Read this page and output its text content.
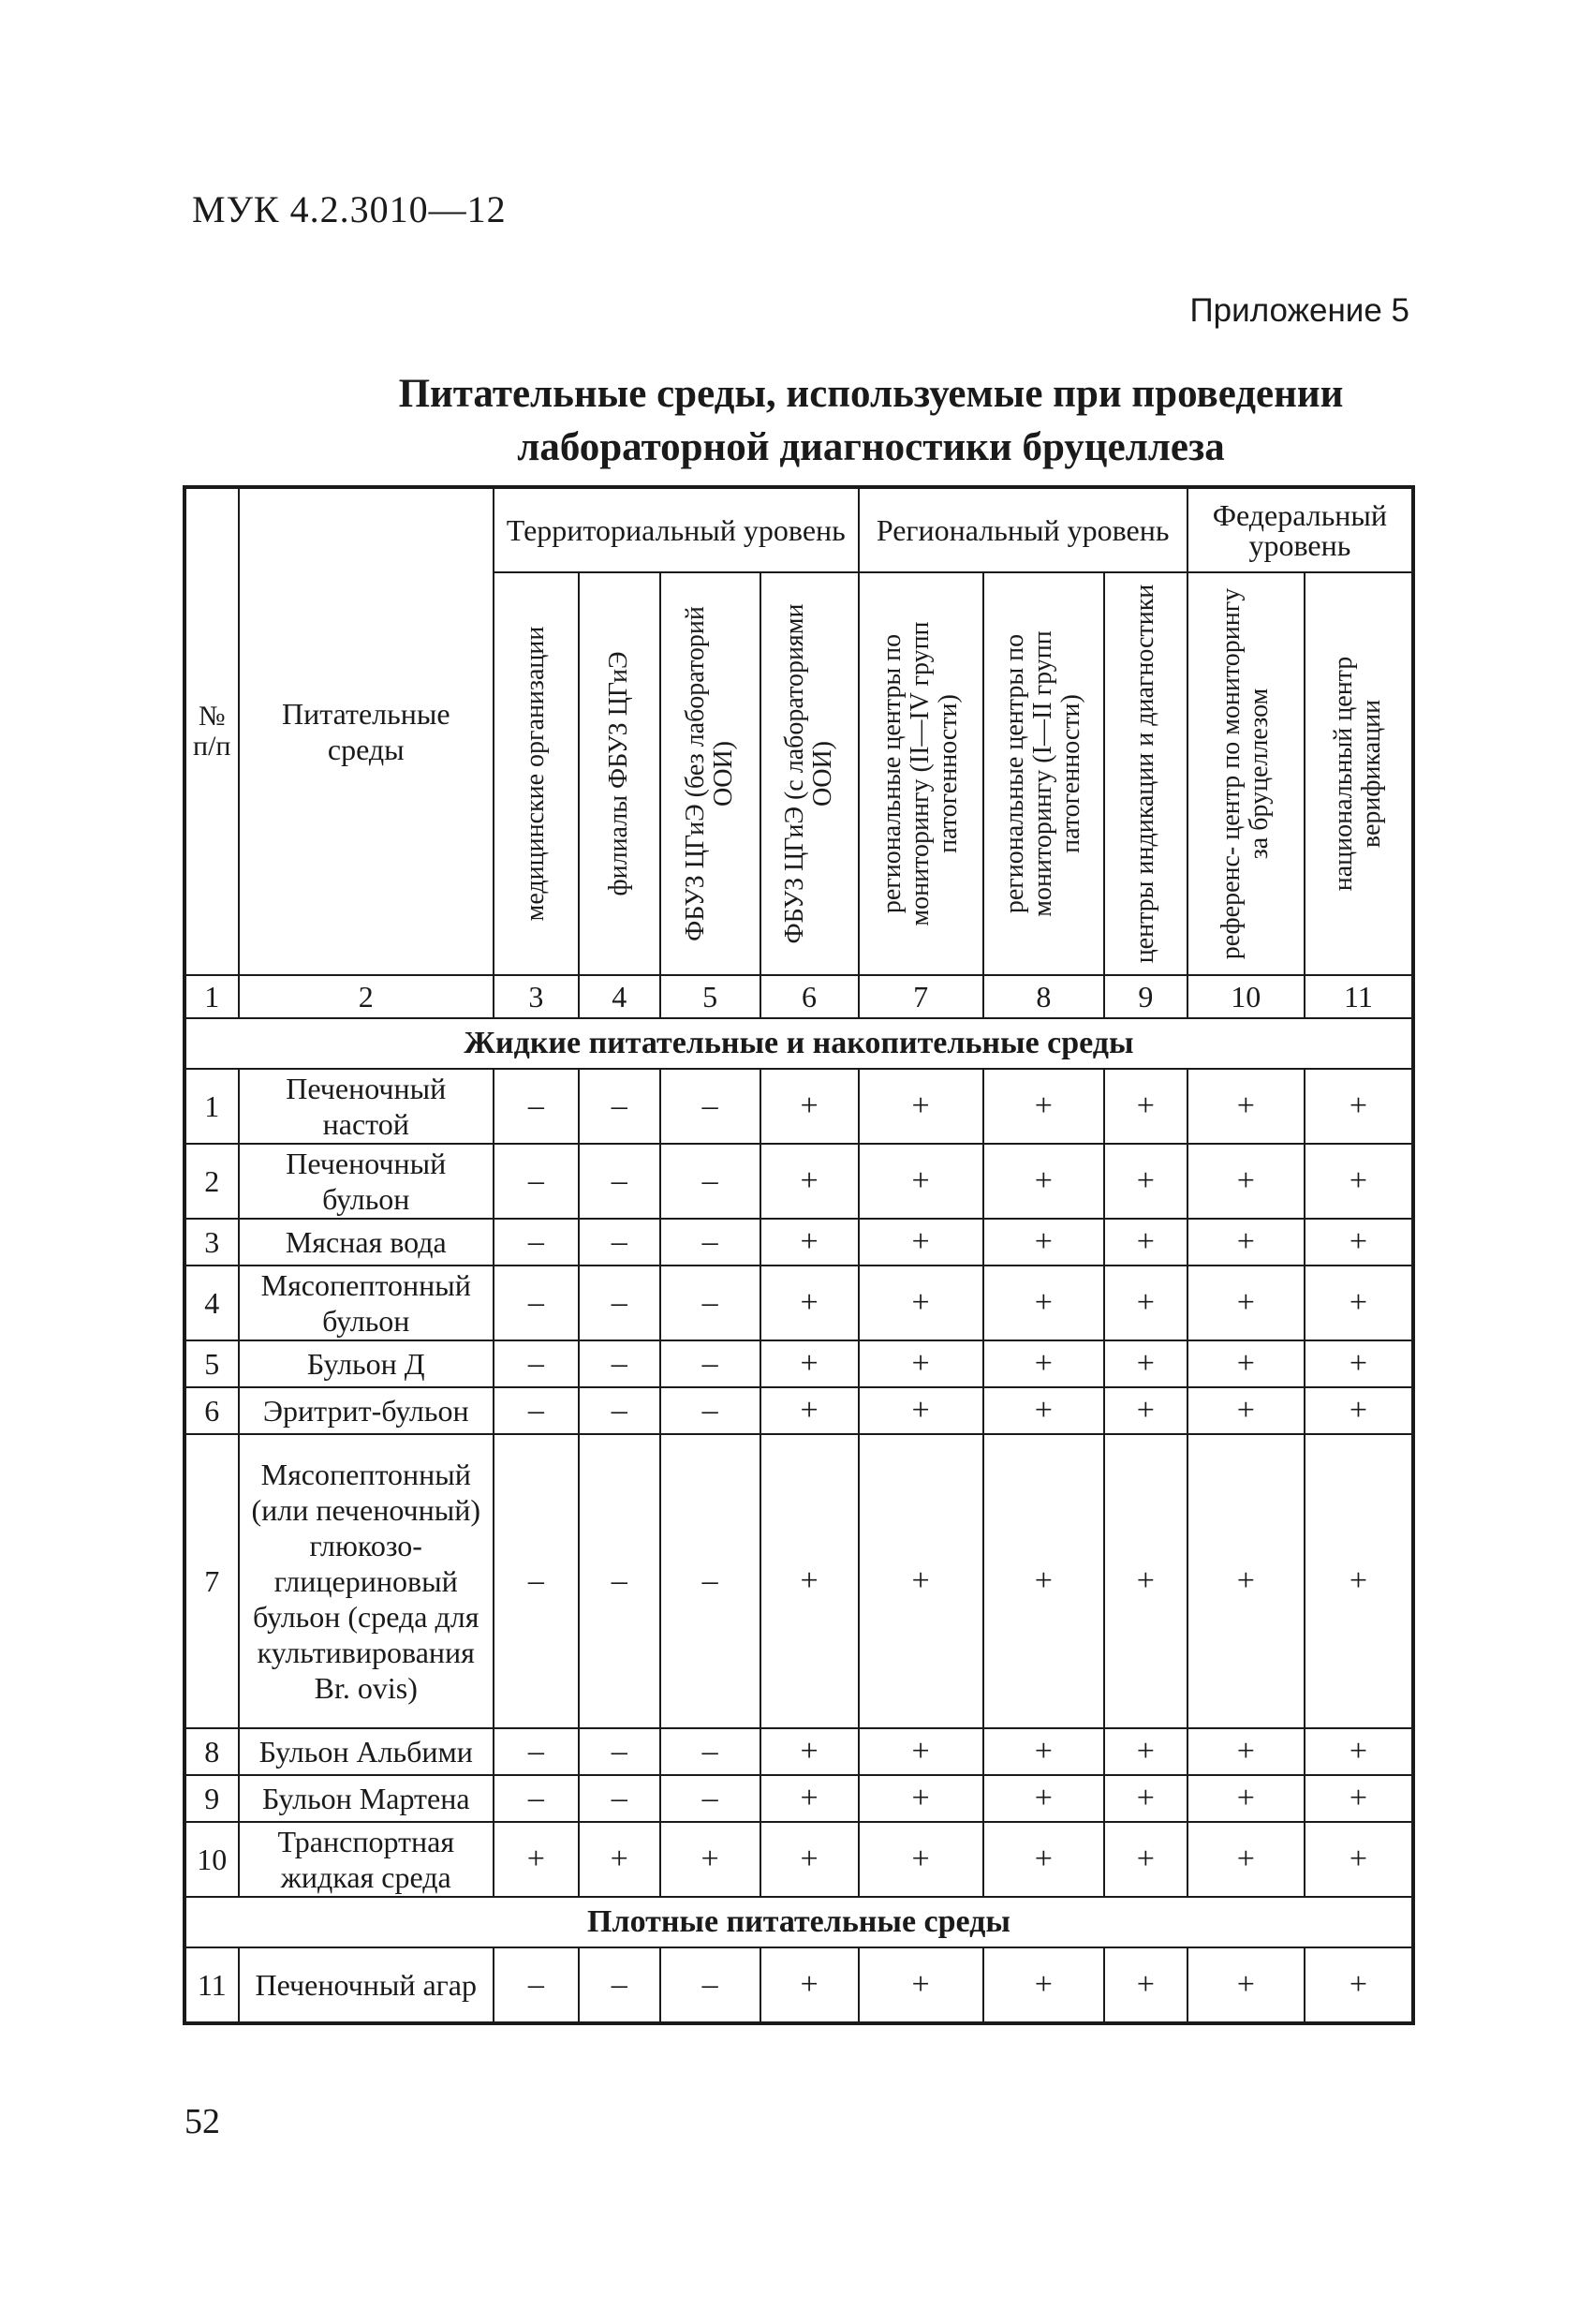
МУК 4.2.3010—12
Приложение 5
Питательные среды, используемые при проведении
лабораторной диагностики бруцеллеза
№ п/п	Питательные среды	Территориальный уровень				Региональный уровень			Федеральный уровень	

		медицинские организации	филиалы ФБУЗ ЦГиЭ	ФБУЗ ЦГиЭ (без лабораторий ООИ)	ФБУЗ ЦГиЭ (с лабораториями ООИ)	региональные центры по мониторингу (II—IV групп патогенности)	региональные центры по мониторингу (I—II групп патогенности)	центры индикации и диагностики	референс- центр по мониторингу за бруцеллезом	национальный центр верификации

1	2	3	4	5	6	7	8	9	10	11
Жидкие питательные и накопительные среды										
1	Печеночный настой	–	–	–	+	+	+	+	+	+
2	Печеночный бульон	–	–	–	+	+	+	+	+	+
3	Мясная вода	–	–	–	+	+	+	+	+	+
4	Мясопептонный бульон	–	–	–	+	+	+	+	+	+
5	Бульон Д	–	–	–	+	+	+	+	+	+
6	Эритрит-бульон	–	–	–	+	+	+	+	+	+
7	Мясопептонный (или печеночный) глюкозо-глицериновый бульон (среда для культивирования Br. ovis)	–	–	–	+	+	+	+	+	+
8	Бульон Альбими	–	–	–	+	+	+	+	+	+
9	Бульон Мартена	–	–	–	+	+	+	+	+	+
10	Транспортная жидкая среда	+	+	+	+	+	+	+	+	+
Плотные питательные среды										
11	Печеночный агар	–	–	–	+	+	+	+	+	+
52
